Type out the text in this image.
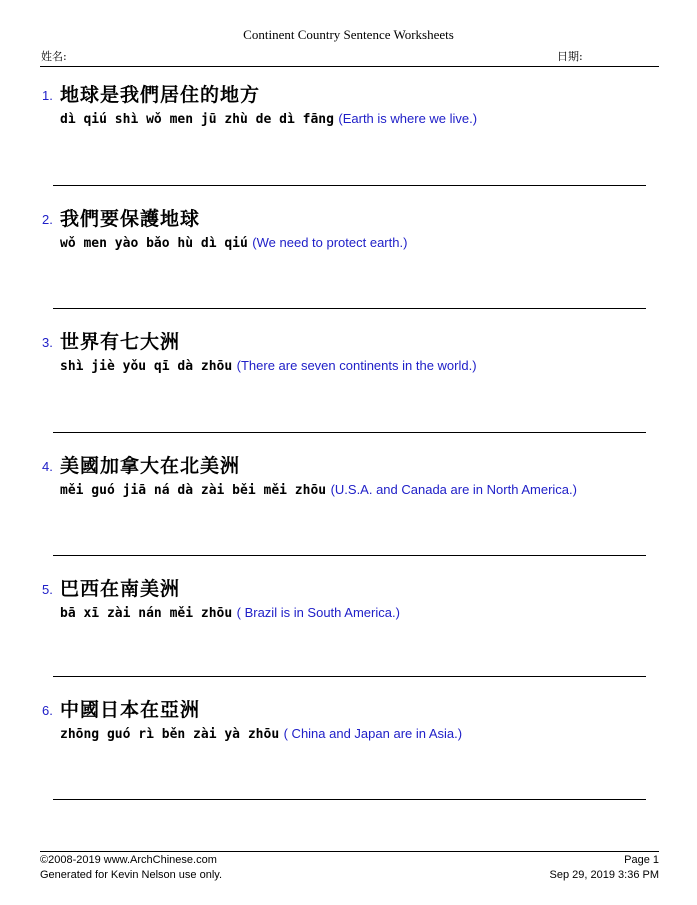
Continent Country Sentence Worksheets
姓名:	日期:
1. 地球是我們居住的地方
dì qiú shì wǒ men jū zhù de dì fāng (Earth is where we live.)
2. 我們要保護地球
wǒ men yào bǎo hù dì qiú (We need to protect earth.)
3. 世界有七大洲
shì jiè yǒu qī dà zhōu (There are seven continents in the world.)
4. 美國加拿大在北美洲
měi guó jiā ná dà zài běi měi zhōu (U.S.A. and Canada are in North America.)
5. 巴西在南美洲
bā xī zài nán měi zhōu ( Brazil is in South America.)
6. 中國日本在亞洲
zhōng guó rì běn zài yà zhōu ( China and Japan are in Asia.)
©2008-2019 www.ArchChinese.com
Generated for Kevin Nelson use only.
Page 1
Sep 29, 2019 3:36 PM
